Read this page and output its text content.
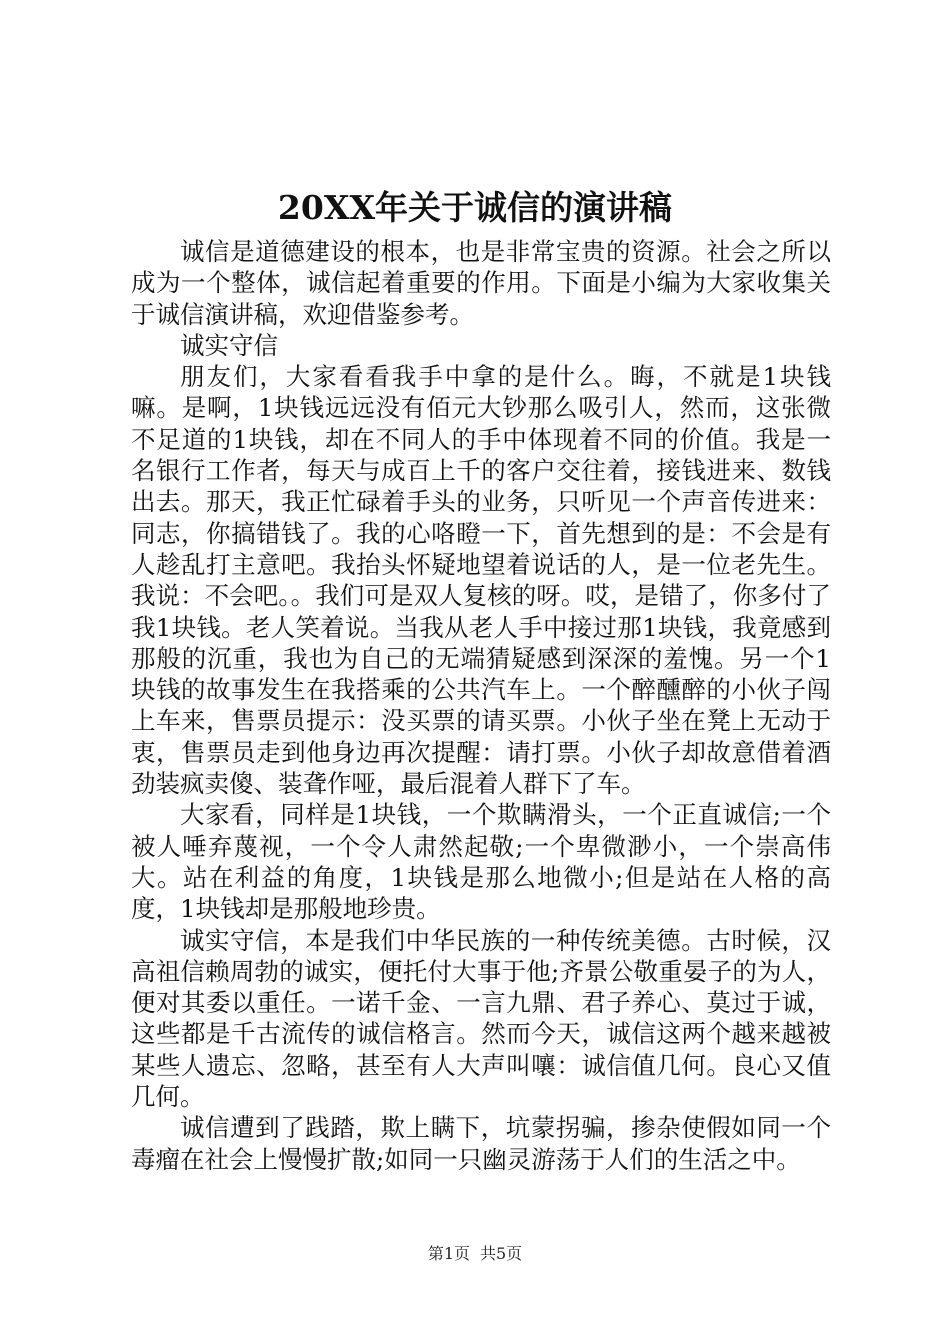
20XX年关于诚信的演讲稿

诚信是道德建设的根本，也是非常宝贵的资源。社会之所以成为一个整体，诚信起着重要的作用。下面是小编为大家收集关于诚信演讲稿，欢迎借鉴参考。

诚实守信

朋友们，大家看看我手中拿的是什么。晦，不就是1块钱嘛。是啊，1块钱远远没有佰元大钞那么吸引人，然而，这张微不足道的1块钱，却在不同人的手中体现着不同的价值。我是一名银行工作者，每天与成百上千的客户交往着，接钱进来、数钱出去。那天，我正忙碌着手头的业务，只听见一个声音传进来：同志，你搞错钱了。我的心咯瞪一下，首先想到的是：不会是有人趁乱打主意吧。我抬头怀疑地望着说话的人，是一位老先生。我说：不会吧。。我们可是双人复核的呀。哎，是错了，你多付了我1块钱。老人笑着说。当我从老人手中接过那1块钱，我竟感到那般的沉重，我也为自己的无端猜疑感到深深的羞愧。另一个1块钱的故事发生在我搭乘的公共汽车上。一个醉醺醉的小伙子闯上车来，售票员提示：没买票的请买票。小伙子坐在凳上无动于衷，售票员走到他身边再次提醒：请打票。小伙子却故意借着酒劲装疯卖傻、装聋作哑，最后混着人群下了车。

大家看，同样是1块钱，一个欺瞒滑头，一个正直诚信;一个被人唾弃蔑视，一个令人肃然起敬;一个卑微渺小，一个崇高伟大。站在利益的角度，1块钱是那么地微小;但是站在人格的高度，1块钱却是那般地珍贵。

诚实守信，本是我们中华民族的一种传统美德。古时候，汉高祖信赖周勃的诚实，便托付大事于他;齐景公敬重晏子的为人，便对其委以重任。一诺千金、一言九鼎、君子养心、莫过于诚，这些都是千古流传的诚信格言。然而今天，诚信这两个越来越被某些人遗忘、忽略，甚至有人大声叫嚷：诚信值几何。良心又值几何。

诚信遭到了践踏，欺上瞒下，坑蒙拐骗，掺杂使假如同一个毒瘤在社会上慢慢扩散;如同一只幽灵游荡于人们的生活之中。

第1页 共5页
